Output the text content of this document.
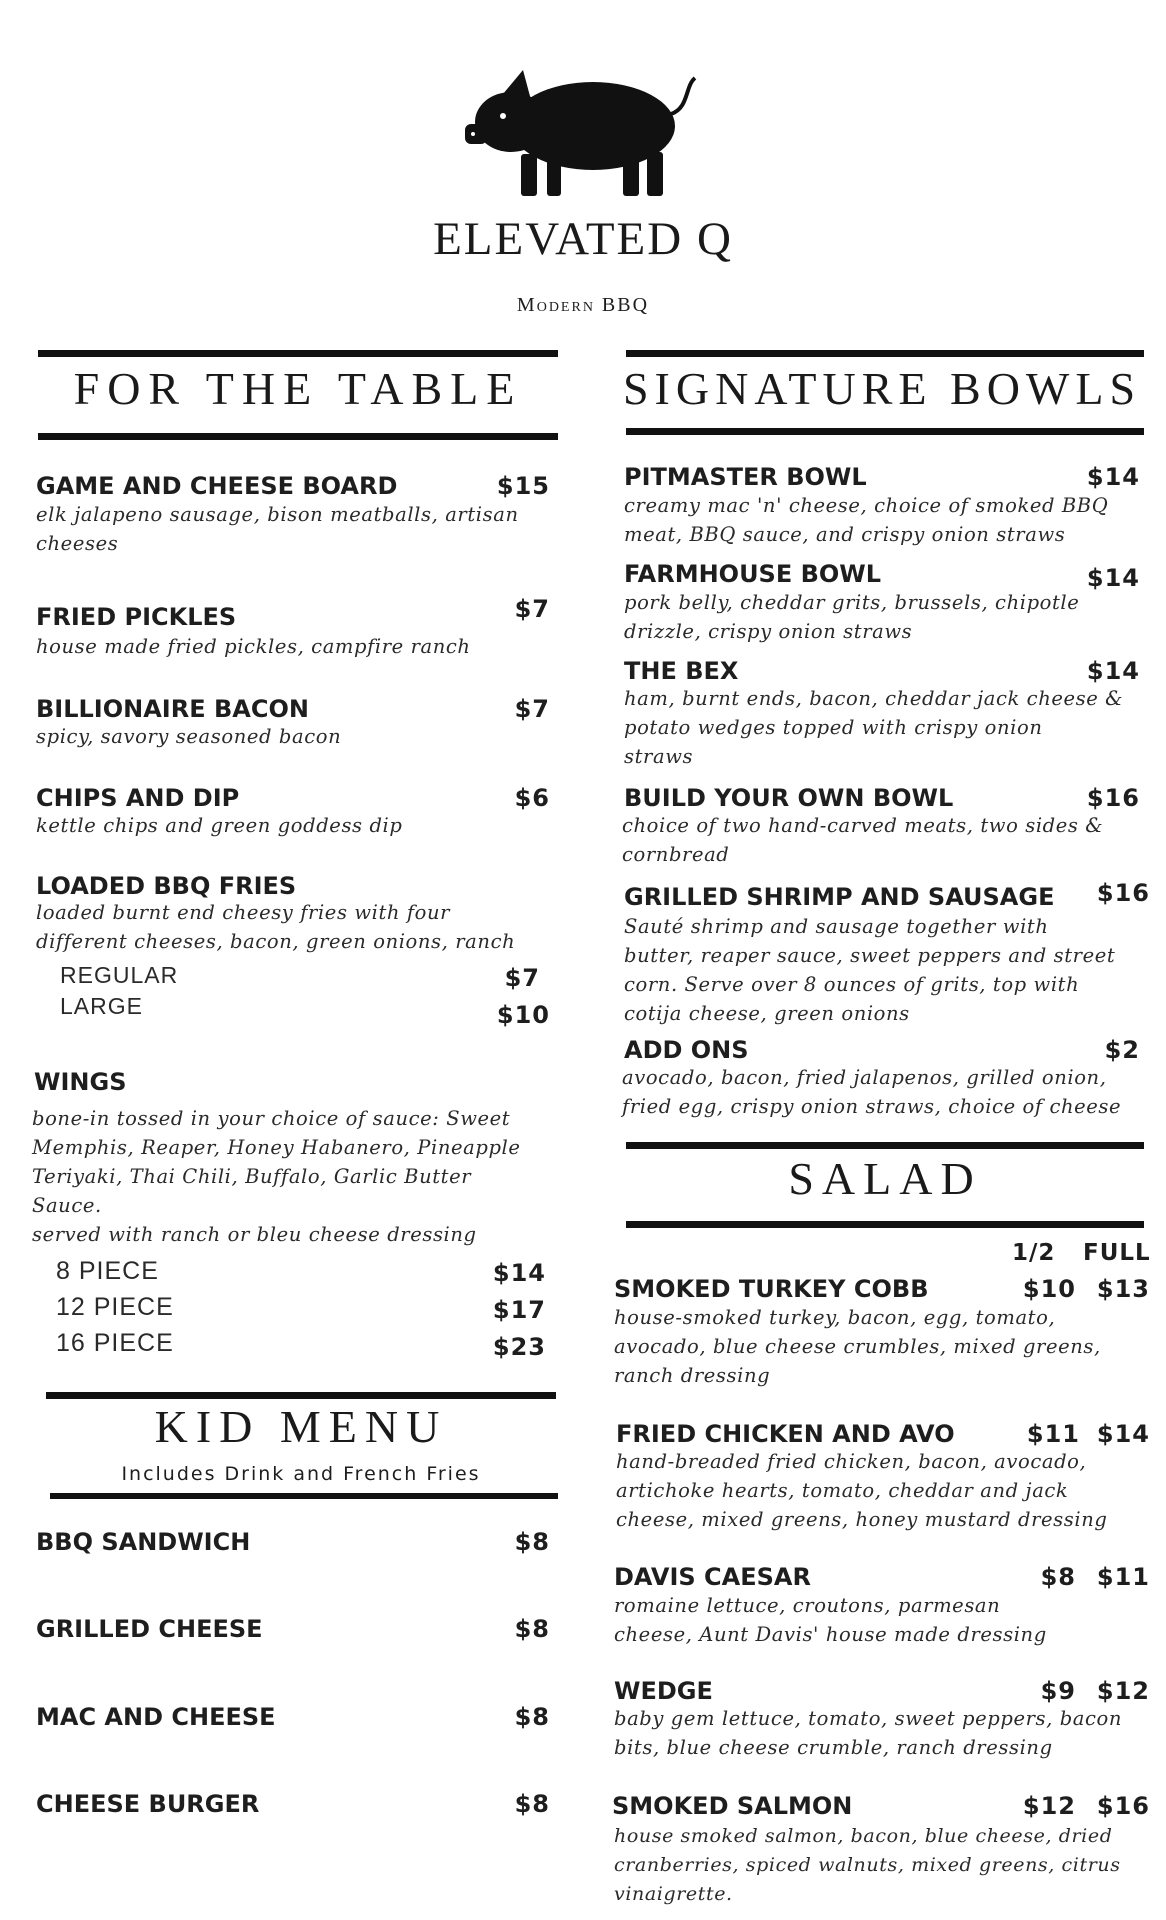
ELEVATED Q
Modern BBQ
FOR THE TABLE
GAME AND CHEESE BOARD	$15
elk jalapeno sausage, bison meatballs, artisan
cheeses
FRIED PICKLES	$7
house made fried pickles, campfire ranch
BILLIONAIRE BACON	$7
spicy, savory seasoned bacon
CHIPS AND DIP	$6
kettle chips and green goddess dip
LOADED BBQ FRIES
loaded burnt end cheesy fries with four
different cheeses, bacon, green onions, ranch
REGULAR	$7
LARGE	$10
WINGS
bone-in tossed in your choice of sauce: Sweet
Memphis, Reaper, Honey Habanero, Pineapple
Teriyaki, Thai Chili, Buffalo, Garlic Butter
Sauce.
served with ranch or bleu cheese dressing
8 PIECE	$14
12 PIECE	$17
16 PIECE	$23
KID MENU
Includes Drink and French Fries
BBQ SANDWICH	$8
GRILLED CHEESE	$8
MAC AND CHEESE	$8
CHEESE BURGER	$8
SIGNATURE BOWLS
PITMASTER BOWL	$14
creamy mac 'n' cheese, choice of smoked BBQ
meat, BBQ sauce, and crispy onion straws
FARMHOUSE BOWL	$14
pork belly, cheddar grits, brussels, chipotle
drizzle, crispy onion straws
THE BEX	$14
ham, burnt ends, bacon, cheddar jack cheese &
potato wedges topped with crispy onion
straws
BUILD YOUR OWN BOWL	$16
choice of two hand-carved meats, two sides &
cornbread
GRILLED SHRIMP AND SAUSAGE	$16
Sauté shrimp and sausage together with
butter, reaper sauce, sweet peppers and street
corn. Serve over 8 ounces of grits, top with
cotija cheese, green onions
ADD ONS	$2
avocado, bacon, fried jalapenos, grilled onion,
fried egg, crispy onion straws, choice of cheese
SALAD
1/2 FULL
SMOKED TURKEY COBB	$10 $13
house-smoked turkey, bacon, egg, tomato,
avocado, blue cheese crumbles, mixed greens,
ranch dressing
FRIED CHICKEN AND AVO	$11 $14
hand-breaded fried chicken, bacon, avocado,
artichoke hearts, tomato, cheddar and jack
cheese, mixed greens, honey mustard dressing
DAVIS CAESAR	$8 $11
romaine lettuce, croutons, parmesan
cheese, Aunt Davis' house made dressing
WEDGE	$9 $12
baby gem lettuce, tomato, sweet peppers, bacon
bits, blue cheese crumble, ranch dressing
SMOKED SALMON	$12 $16
house smoked salmon, bacon, blue cheese, dried
cranberries, spiced walnuts, mixed greens, citrus
vinaigrette.
